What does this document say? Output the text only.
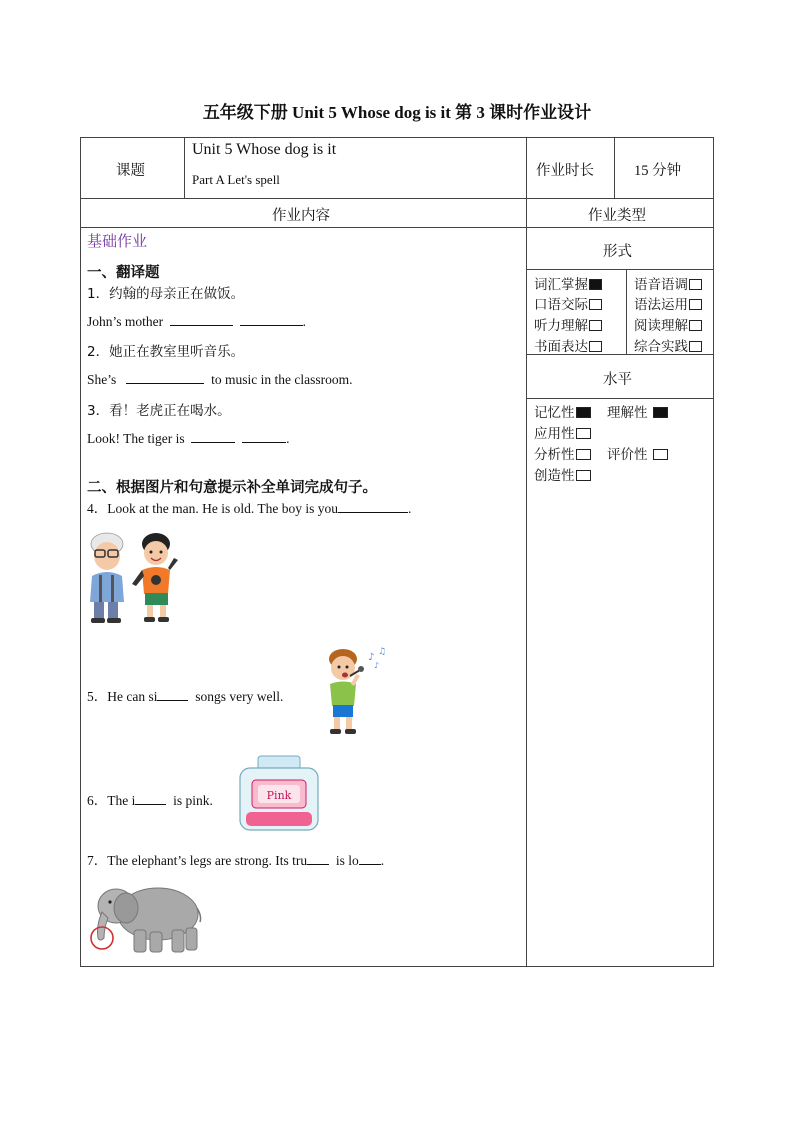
五年级下册 Unit 5 Whose dog is it 第 3 课时作业设计
课题
Unit 5 Whose dog is it
Part A Let's spell
作业时长	15 分钟
作业内容	作业类型
形式
词汇掌握	语音语调
口语交际	语法运用
听力理解	阅读理解
书面表达	综合实践
水平
记忆性	理解性
应用性
分析性	评价性
创造性
基础作业
一、翻译题
1．约翰的母亲正在做饭。
John’s mother	.
2．她正在教室里听音乐。
She’s	to music in the classroom.
3．看！老虎正在喝水。
Look! The tiger is	.
二、根据图片和句意提示补全单词完成句子。
4．Look at the man. He is old. The boy is you	.
5．He can si	songs very well.
♪ ♫
♪
6．The i	is pink.	Pink
7．The elephant’s legs are strong. Its tru is lo .
